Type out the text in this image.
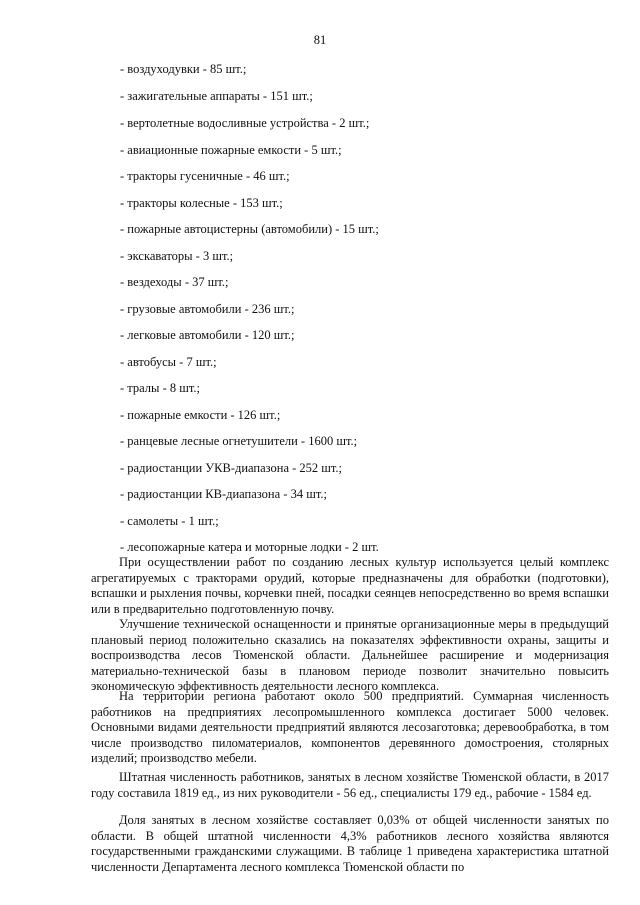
81
- воздуходувки - 85 шт.;
- зажигательные аппараты - 151 шт.;
- вертолетные водосливные устройства - 2 шт.;
- авиационные пожарные емкости - 5 шт.;
- тракторы гусеничные - 46 шт.;
- тракторы колесные - 153 шт.;
- пожарные автоцистерны (автомобили) - 15 шт.;
- экскаваторы - 3 шт.;
- вездеходы - 37 шт.;
- грузовые автомобили - 236 шт.;
- легковые автомобили - 120 шт.;
- автобусы - 7 шт.;
- тралы - 8 шт.;
- пожарные емкости - 126 шт.;
- ранцевые лесные огнетушители - 1600 шт.;
- радиостанции УКВ-диапазона - 252 шт.;
- радиостанции КВ-диапазона - 34 шт.;
- самолеты - 1 шт.;
- лесопожарные катера и моторные лодки - 2 шт.

При осуществлении работ по созданию лесных культур используется целый комплекс агрегатируемых с тракторами орудий, которые предназначены для обработки (подготовки), вспашки и рыхления почвы, корчевки пней, посадки сеянцев непосредственно во время вспашки или в предварительно подготовленную почву.

Улучшение технической оснащенности и принятые организационные меры в предыдущий плановый период положительно сказались на показателях эффективности охраны, защиты и воспроизводства лесов Тюменской области. Дальнейшее расширение и модернизация материально-технической базы в плановом периоде позволит значительно повысить экономическую эффективность деятельности лесного комплекса.

На территории региона работают около 500 предприятий. Суммарная численность работников на предприятиях лесопромышленного комплекса достигает 5000 человек. Основными видами деятельности предприятий являются лесозаготовка; деревообработка, в том числе производство пиломатериалов, компонентов деревянного домостроения, столярных изделий; производство мебели.

Штатная численность работников, занятых в лесном хозяйстве Тюменской области, в 2017 году составила 1819 ед., из них руководители - 56 ед., специалисты 179 ед., рабочие - 1584 ед.

Доля занятых в лесном хозяйстве составляет 0,03% от общей численности занятых по области. В общей штатной численности 4,3% работников лесного хозяйства являются государственными гражданскими служащими. В таблице 1 приведена характеристика штатной численности Департамента лесного комплекса Тюменской области по
